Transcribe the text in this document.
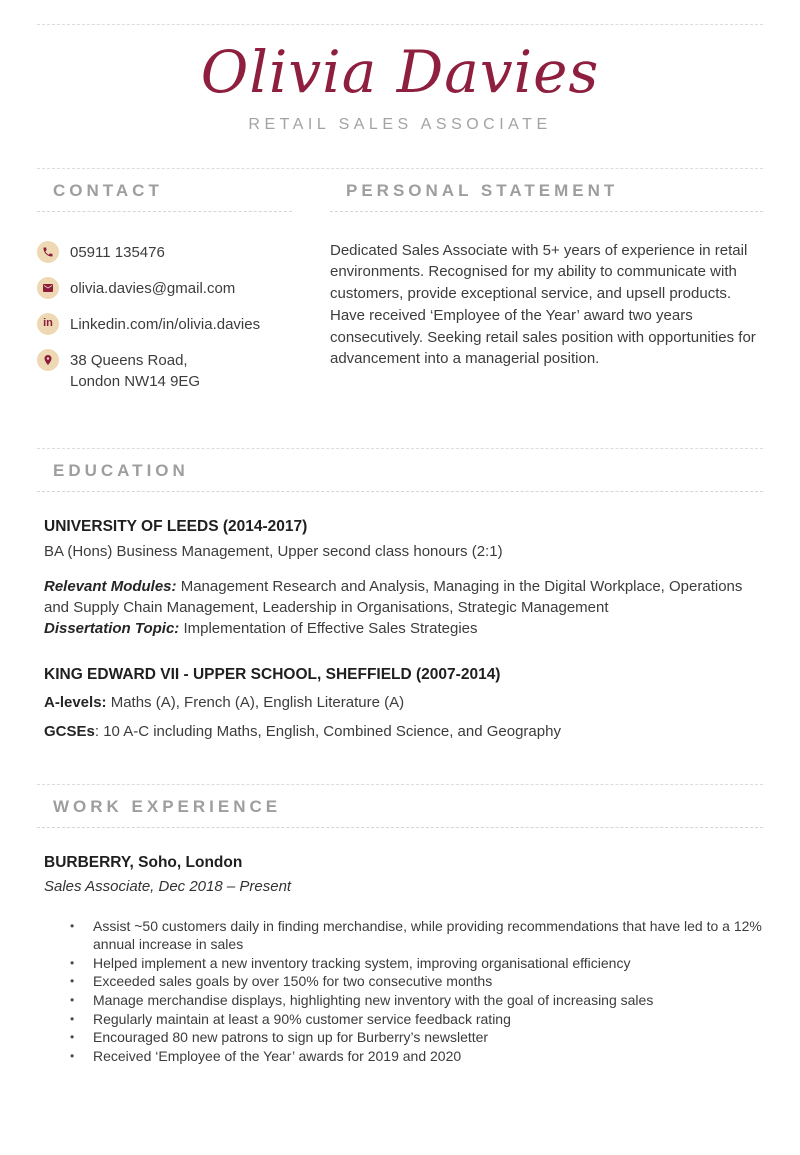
Olivia Davies
RETAIL SALES ASSOCIATE
CONTACT	PERSONAL STATEMENT
05911 135476
olivia.davies@gmail.com
in Linkedin.com/in/olivia.davies
38 Queens Road,
London NW14 9EG
Dedicated Sales Associate with 5+ years of experience in retail environments. Recognised for my ability to communicate with customers, provide exceptional service, and upsell products. Have received ‘Employee of the Year’ award two years consecutively. Seeking retail sales position with opportunities for advancement into a managerial position.
EDUCATION
UNIVERSITY OF LEEDS (2014-2017)
BA (Hons) Business Management, Upper second class honours (2:1)
Relevant Modules: Management Research and Analysis, Managing in the Digital Workplace, Operations and Supply Chain Management, Leadership in Organisations, Strategic Management
Dissertation Topic: Implementation of Effective Sales Strategies
KING EDWARD VII - UPPER SCHOOL, SHEFFIELD (2007-2014)
A-levels: Maths (A), French (A), English Literature (A)
GCSEs: 10 A-C including Maths, English, Combined Science, and Geography
WORK EXPERIENCE
BURBERRY, Soho, London
Sales Associate, Dec 2018 – Present
• Assist ~50 customers daily in finding merchandise, while providing recommendations that have led to a 12% annual increase in sales
• Helped implement a new inventory tracking system, improving organisational efficiency
• Exceeded sales goals by over 150% for two consecutive months
• Manage merchandise displays, highlighting new inventory with the goal of increasing sales
• Regularly maintain at least a 90% customer service feedback rating
• Encouraged 80 new patrons to sign up for Burberry’s newsletter
• Received ‘Employee of the Year’ awards for 2019 and 2020
